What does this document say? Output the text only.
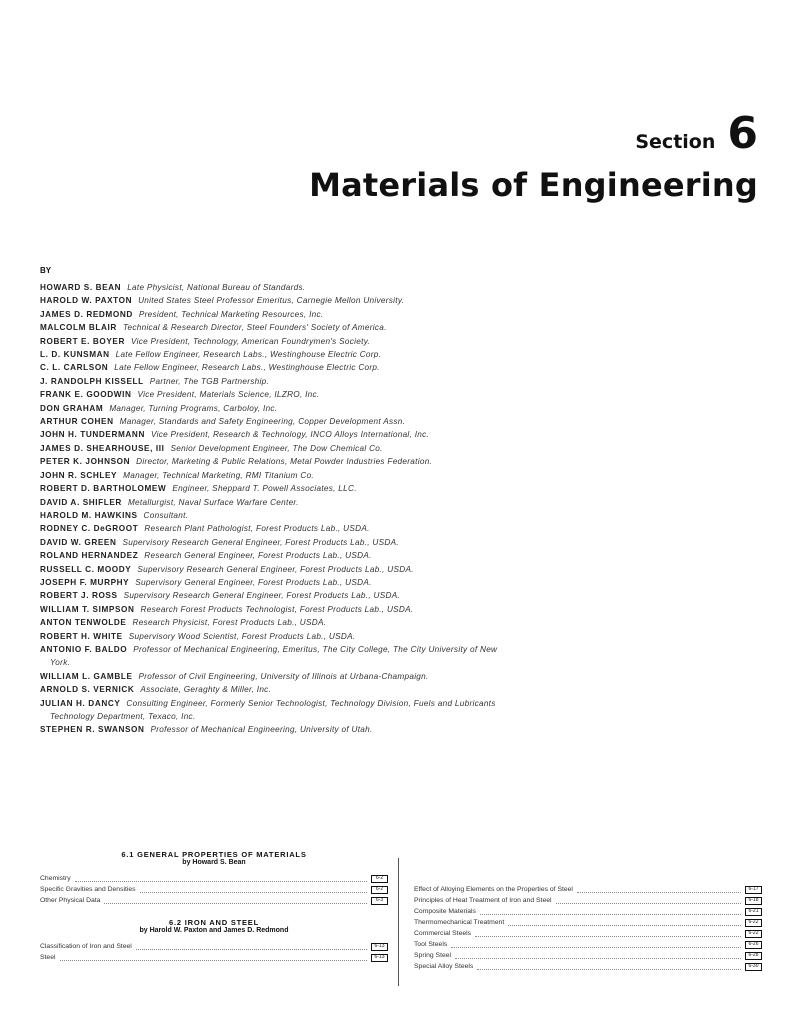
Section 6
Materials of Engineering
BY
HOWARD S. BEAN Late Physicist, National Bureau of Standards.
HAROLD W. PAXTON United States Steel Professor Emeritus, Carnegie Mellon University.
JAMES D. REDMOND President, Technical Marketing Resources, Inc.
MALCOLM BLAIR Technical & Research Director, Steel Founders' Society of America.
ROBERT E. BOYER Vice President, Technology, American Foundrymen's Society.
L. D. KUNSMAN Late Fellow Engineer, Research Labs., Westinghouse Electric Corp.
C. L. CARLSON Late Fellow Engineer, Research Labs., Westinghouse Electric Corp.
J. RANDOLPH KISSELL Partner, The TGB Partnership.
FRANK E. GOODWIN Vice President, Materials Science, ILZRO, Inc.
DON GRAHAM Manager, Turning Programs, Carboloy, Inc.
ARTHUR COHEN Manager, Standards and Safety Engineering, Copper Development Assn.
JOHN H. TUNDERMANN Vice President, Research & Technology, INCO Alloys International, Inc.
JAMES D. SHEARHOUSE, III Senior Development Engineer, The Dow Chemical Co.
PETER K. JOHNSON Director, Marketing & Public Relations, Metal Powder Industries Federation.
JOHN R. SCHLEY Manager, Technical Marketing, RMI Titanium Co.
ROBERT D. BARTHOLOMEW Engineer, Sheppard T. Powell Associates, LLC.
DAVID A. SHIFLER Metallurgist, Naval Surface Warfare Center.
HAROLD M. HAWKINS Consultant.
RODNEY C. DeGROOT Research Plant Pathologist, Forest Products Lab., USDA.
DAVID W. GREEN Supervisory Research General Engineer, Forest Products Lab., USDA.
ROLAND HERNANDEZ Research General Engineer, Forest Products Lab., USDA.
RUSSELL C. MOODY Supervisory Research General Engineer, Forest Products Lab., USDA.
JOSEPH F. MURPHY Supervisory General Engineer, Forest Products Lab., USDA.
ROBERT J. ROSS Supervisory Research General Engineer, Forest Products Lab., USDA.
WILLIAM T. SIMPSON Research Forest Products Technologist, Forest Products Lab., USDA.
ANTON TENWOLDE Research Physicist, Forest Products Lab., USDA.
ROBERT H. WHITE Supervisory Wood Scientist, Forest Products Lab., USDA.
ANTONIO F. BALDO Professor of Mechanical Engineering, Emeritus, The City College, The City University of New York.
WILLIAM L. GAMBLE Professor of Civil Engineering, University of Illinois at Urbana-Champaign.
ARNOLD S. VERNICK Associate, Geraghty & Miller, Inc.
JULIAN H. DANCY Consulting Engineer, Formerly Senior Technologist, Technology Division, Fuels and Lubricants Technology Department, Texaco, Inc.
STEPHEN R. SWANSON Professor of Mechanical Engineering, University of Utah.
6.1 GENERAL PROPERTIES OF MATERIALS
by Howard S. Bean
Chemistry	6-2
Specific Gravities and Densities	6-2
Other Physical Data	6-3
6.2 IRON AND STEEL
by Harold W. Paxton and James D. Redmond
Classification of Iron and Steel	6-13
Steel	6-13
Effect of Alloying Elements on the Properties of Steel	6-17
Principles of Heat Treatment of Iron and Steel	6-18
Composite Materials	6-21
Thermomechanical Treatment	6-22
Commercial Steels	6-22
Tool Steels	6-26
Spring Steel	6-28
Special Alloy Steels	6-30
